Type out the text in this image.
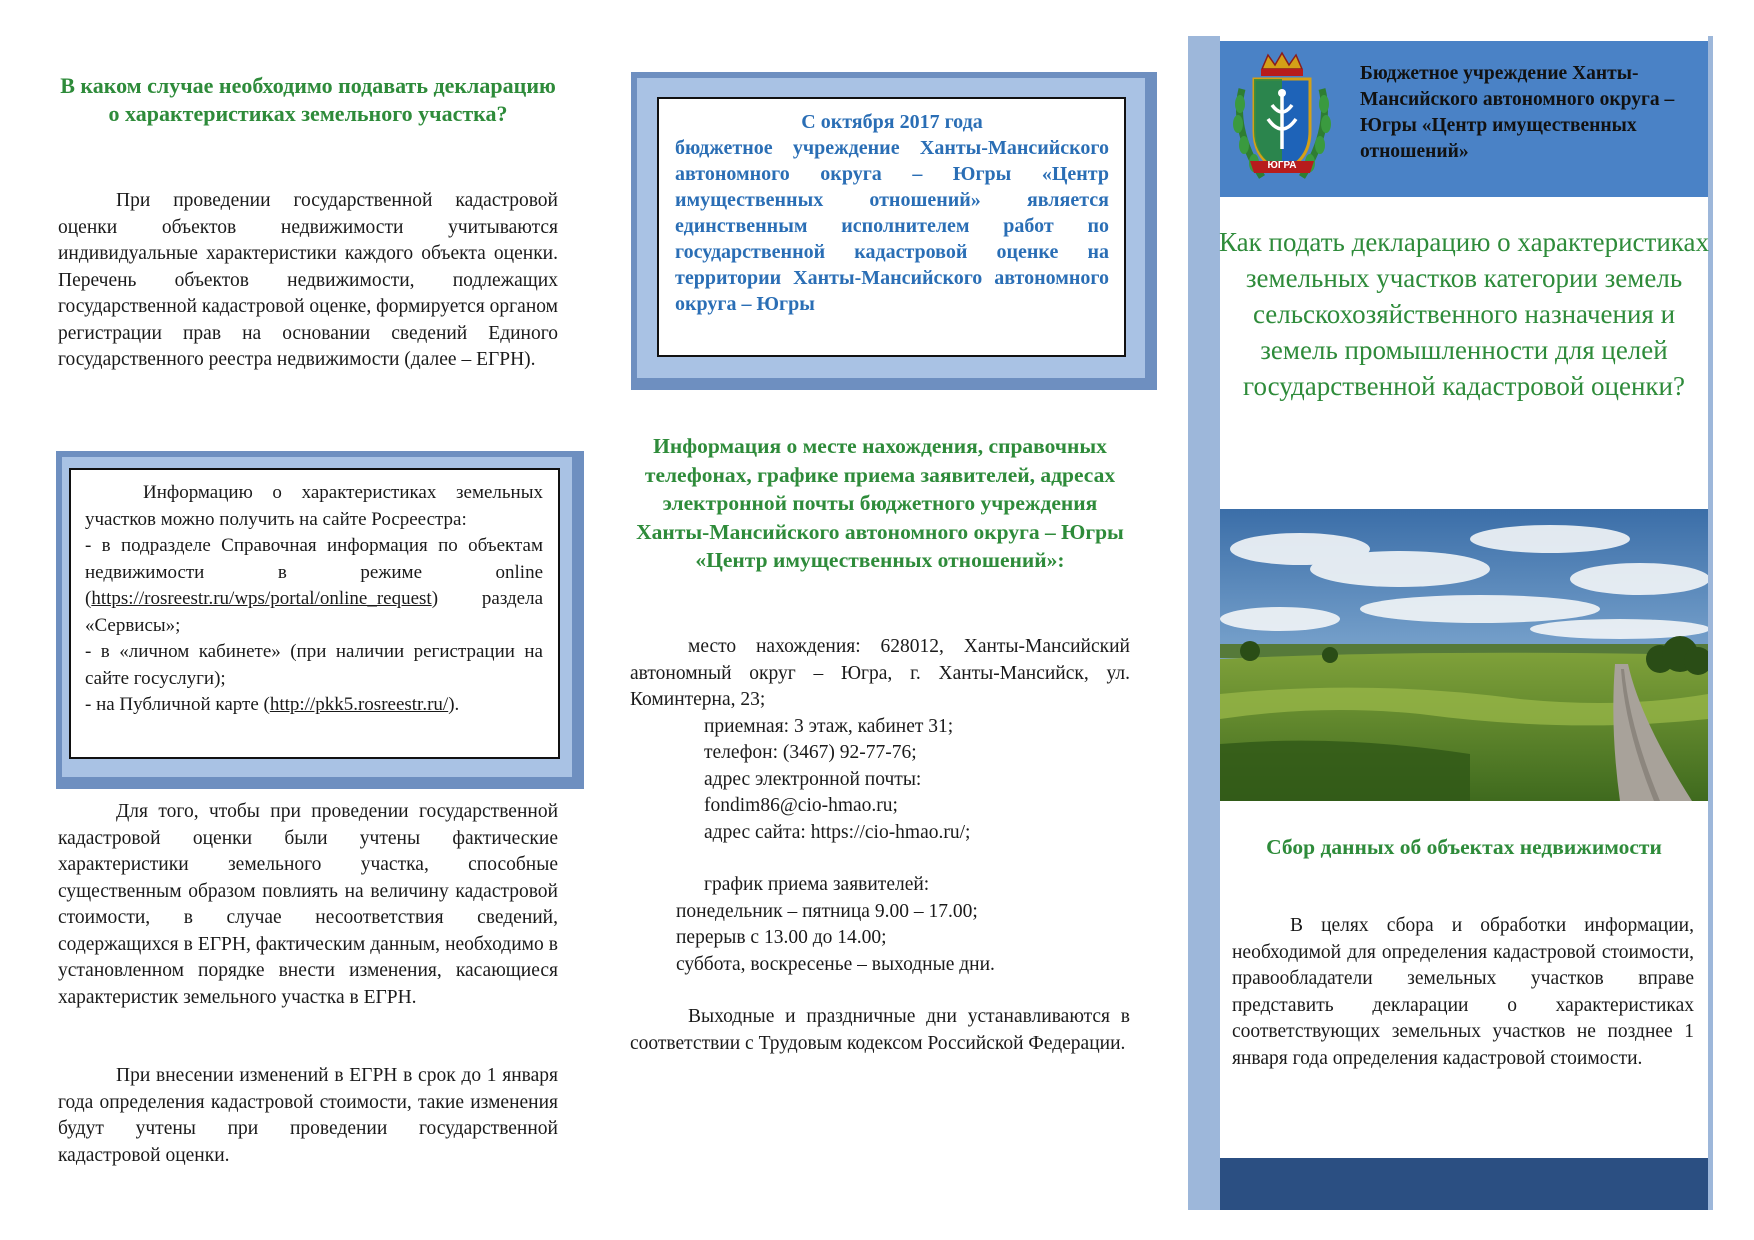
В каком случае необходимо подавать декларацию о характеристиках земельного участка?
При проведении государственной кадастровой оценки объектов недвижимости учитываются индивидуальные характеристики каждого объекта оценки. Перечень объектов недвижимости, подлежащих государственной кадастровой оценке, формируется органом регистрации прав на основании сведений Единого государственного реестра недвижимости (далее – ЕГРН).
Информацию о характеристиках земельных участков можно получить на сайте Росреестра:
- в подразделе Справочная информация по объектам недвижимости в режиме online (https://rosreestr.ru/wps/portal/online_request) раздела «Сервисы»;
- в «личном кабинете» (при наличии регистрации на сайте госуслуги);
- на Публичной карте (http://pkk5.rosreestr.ru/).
Для того, чтобы при проведении государственной кадастровой оценки были учтены фактические характеристики земельного участка, способные существенным образом повлиять на величину кадастровой стоимости, в случае несоответствия сведений, содержащихся в ЕГРН, фактическим данным, необходимо в установленном порядке внести изменения, касающиеся характеристик земельного участка в ЕГРН.
При внесении изменений в ЕГРН в срок до 1 января года определения кадастровой стоимости, такие изменения будут учтены при проведении государственной кадастровой оценки.
С октября 2017 года
бюджетное учреждение Ханты-Мансийского автономного округа – Югры «Центр имущественных отношений» является единственным исполнителем работ по государственной кадастровой оценке на территории Ханты-Мансийского автономного округа – Югры
Информация о месте нахождения, справочных телефонах, графике приема заявителей, адресах электронной почты бюджетного учреждения Ханты-Мансийского автономного округа – Югры «Центр имущественных отношений»:
место нахождения: 628012, Ханты-Мансийский автономный округ – Югра, г. Ханты-Мансийск, ул. Коминтерна, 23;
приемная: 3 этаж, кабинет 31;
телефон: (3467) 92-77-76;
адрес электронной почты:
fondim86@cio-hmao.ru;
адрес сайта: https://cio-hmao.ru/;
график приема заявителей:
понедельник – пятница 9.00 – 17.00;
перерыв с 13.00 до 14.00;
суббота, воскресенье – выходные дни.
Выходные и праздничные дни устанавливаются в соответствии с Трудовым кодексом Российской Федерации.
ЮГРА
Бюджетное учреждение Ханты-Мансийского автономного округа – Югры «Центр имущественных отношений»
Как подать декларацию о характеристиках земельных участков категории земель сельскохозяйственного назначения и земель промышленности для целей государственной кадастровой оценки?
Сбор данных об объектах недвижимости
В целях сбора и обработки информации, необходимой для определения кадастровой стоимости, правообладатели земельных участков вправе представить декларации о характеристиках соответствующих земельных участков не позднее 1 января года определения кадастровой стоимости.
